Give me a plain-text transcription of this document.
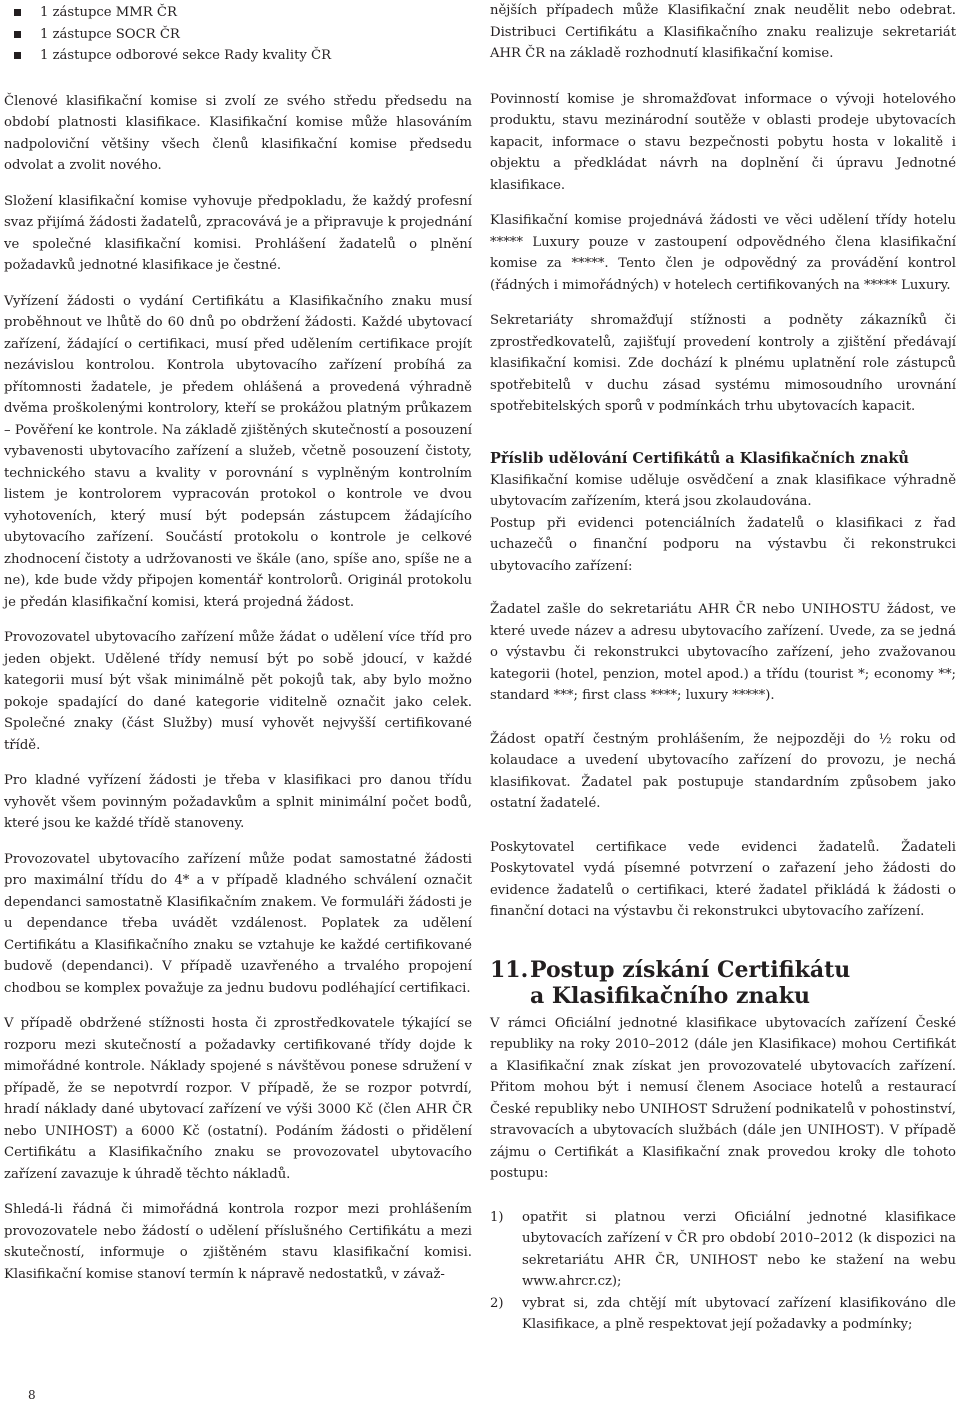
1 zástupce MMR ČR
1 zástupce SOCR ČR
1 zástupce odborové sekce Rady kvality ČR

Členové klasifikační komise si zvolí ze svého středu předsedu na období platnosti klasifikace. Klasifikační komise může hlasováním nadpoloviční většiny všech členů klasifikační komise předsedu odvolat a zvolit nového.

Složení klasifikační komise vyhovuje předpokladu, že každý profesní svaz přijímá žádosti žadatelů, zpracovává je a připravuje k projednání ve společné klasifikační komisi. Prohlášení žadatelů o plnění požadavků jednotné klasifikace je čestné.

Vyřízení žádosti o vydání Certifikátu a Klasifikačního znaku musí proběhnout ve lhůtě do 60 dnů po obdržení žádosti. Každé ubytovací zařízení, žádající o certifikaci, musí před udělením certifikace projít nezávislou kontrolou. Kontrola ubytovacího zařízení probíhá za přítomnosti žadatele, je předem ohlášená a provedená výhradně dvěma proškolenými kontrolory, kteří se prokážou platným průkazem – Pověření ke kontrole. Na základě zjištěných skutečností a posouzení vybavenosti ubytovacího zařízení a služeb, včetně posouzení čistoty, technického stavu a kvality v porovnání s vyplněným kontrolním listem je kontrolorem vypracován protokol o kontrole ve dvou vyhotoveních, který musí být podepsán zástupcem žádajícího ubytovacího zařízení. Součástí protokolu o kontrole je celkové zhodnocení čistoty a udržovanosti ve škále (ano, spíše ano, spíše ne a ne), kde bude vždy připojen komentář kontrolorů. Originál protokolu je předán klasifikační komisi, která projedná žádost.

Provozovatel ubytovacího zařízení může žádat o udělení více tříd pro jeden objekt. Udělené třídy nemusí být po sobě jdoucí, v každé kategorii musí být však minimálně pět pokojů tak, aby bylo možno pokoje spadající do dané kategorie viditelně označit jako celek. Společné znaky (část Služby) musí vyhovět nejvyšší certifikované třídě.

Pro kladné vyřízení žádosti je třeba v klasifikaci pro danou třídu vyhovět všem povinným požadavkům a splnit minimální počet bodů, které jsou ke každé třídě stanoveny.

Provozovatel ubytovacího zařízení může podat samostatné žádosti pro maximální třídu do 4* a v případě kladného schválení označit dependanci samostatně Klasifikačním znakem. Ve formuláři žádosti je u dependance třeba uvádět vzdálenost. Poplatek za udělení Certifikátu a Klasifikačního znaku se vztahuje ke každé certifikované budově (dependanci). V případě uzavřeného a trvalého propojení chodbou se komplex považuje za jednu budovu podléhající certifikaci.

V případě obdržené stížnosti hosta či zprostředkovatele týkající se rozporu mezi skutečností a požadavky certifikované třídy dojde k mimořádné kontrole. Náklady spojené s návštěvou ponese sdružení v případě, že se nepotvrdí rozpor. V případě, že se rozpor potvrdí, hradí náklady dané ubytovací zařízení ve výši 3000 Kč (člen AHR ČR nebo UNIHOST) a 6000 Kč (ostatní). Podáním žádosti o přidělení Certifikátu a Klasifikačního znaku se provozovatel ubytovacího zařízení zavazuje k úhradě těchto nákladů.

Shledá-li řádná či mimořádná kontrola rozpor mezi prohlášením provozovatele nebo žádostí o udělení příslušného Certifikátu a mezi skutečností, informuje o zjištěném stavu klasifikační komisi. Klasifikační komise stanoví termín k nápravě nedostatků, v závaž-

nějších případech může Klasifikační znak neudělit nebo odebrat. Distribuci Certifikátu a Klasifikačního znaku realizuje sekretariát AHR ČR na základě rozhodnutí klasifikační komise.

Povinností komise je shromažďovat informace o vývoji hotelového produktu, stavu mezinárodní soutěže v oblasti prodeje ubytovacích kapacit, informace o stavu bezpečnosti pobytu hosta v lokalitě i objektu a předkládat návrh na doplnění či úpravu Jednotné klasifikace.

Klasifikační komise projednává žádosti ve věci udělení třídy hotelu ***** Luxury pouze v zastoupení odpovědného člena klasifikační komise za *****. Tento člen je odpovědný za provádění kontrol (řádných i mimořádných) v hotelech certifikovaných na ***** Luxury.

Sekretariáty shromažďují stížnosti a podněty zákazníků či zprostředkovatelů, zajišťují provedení kontroly a zjištění předávají klasifikační komisi. Zde dochází k plnému uplatnění role zástupců spotřebitelů v duchu zásad systému mimosoudního urovnání spotřebitelských sporů v podmínkách trhu ubytovacích kapacit.

Příslib udělování Certifikátů a Klasifikačních znaků

Klasifikační komise uděluje osvědčení a znak klasifikace výhradně ubytovacím zařízením, která jsou zkolaudována.

Postup při evidenci potenciálních žadatelů o klasifikaci z řad uchazečů o finanční podporu na výstavbu či rekonstrukci ubytovacího zařízení:

Žadatel zašle do sekretariátu AHR ČR nebo UNIHOSTU žádost, ve které uvede název a adresu ubytovacího zařízení. Uvede, za se jedná o výstavbu či rekonstrukci ubytovacího zařízení, jeho zvažovanou kategorii (hotel, penzion, motel apod.) a třídu (tourist *; economy **; standard ***; first class ****; luxury *****).

Žádost opatří čestným prohlášením, že nejpozději do ½ roku od kolaudace a uvedení ubytovacího zařízení do provozu, je nechá klasifikovat. Žadatel pak postupuje standardním způsobem jako ostatní žadatelé.

Poskytovatel certifikace vede evidenci žadatelů. Žadateli Poskytovatel vydá písemné potvrzení o zařazení jeho žádosti do evidence žadatelů o certifikaci, které žadatel přikládá k žádosti o finanční dotaci na výstavbu či rekonstrukci ubytovacího zařízení.

11. Postup získání Certifikátu
a Klasifikačního znaku

V rámci Oficiální jednotné klasifikace ubytovacích zařízení České republiky na roky 2010–2012 (dále jen Klasifikace) mohou Certifikát a Klasifikační znak získat jen provozovatelé ubytovacích zařízení. Přitom mohou být i nemusí členem Asociace hotelů a restaurací České republiky nebo UNIHOST Sdružení podnikatelů v pohostinství, stravovacích a ubytovacích službách (dále jen UNIHOST). V případě zájmu o Certifikát a Klasifikační znak provedou kroky dle tohoto postupu:

1)	opatřit si platnou verzi Oficiální jednotné klasifikace ubytovacích zařízení v ČR pro období 2010–2012 (k dispozici na sekretariátu AHR ČR, UNIHOST nebo ke stažení na webu www.ahrcr.cz);
2)	vybrat si, zda chtějí mít ubytovací zařízení klasifikováno dle Klasifikace, a plně respektovat její požadavky a podmínky;
8
